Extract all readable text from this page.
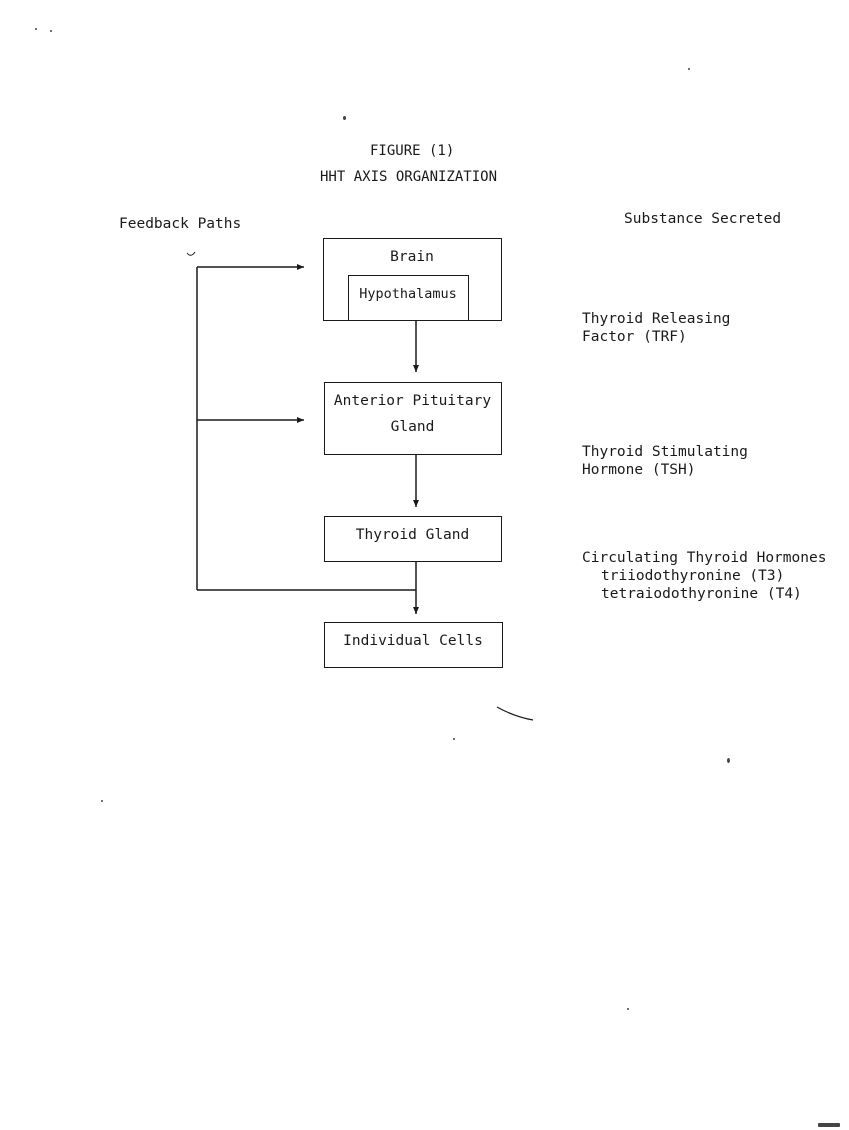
FIGURE (1)
HHT AXIS ORGANIZATION
Feedback Paths	Substance Secreted
Brain
Hypothalamus
Anterior Pituitary
Gland
Thyroid Gland
Individual Cells
Thyroid Releasing
Factor (TRF)
Thyroid Stimulating
Hormone (TSH)
Circulating Thyroid Hormones
triiodothyronine (T3)
tetraiodothyronine (T4)
